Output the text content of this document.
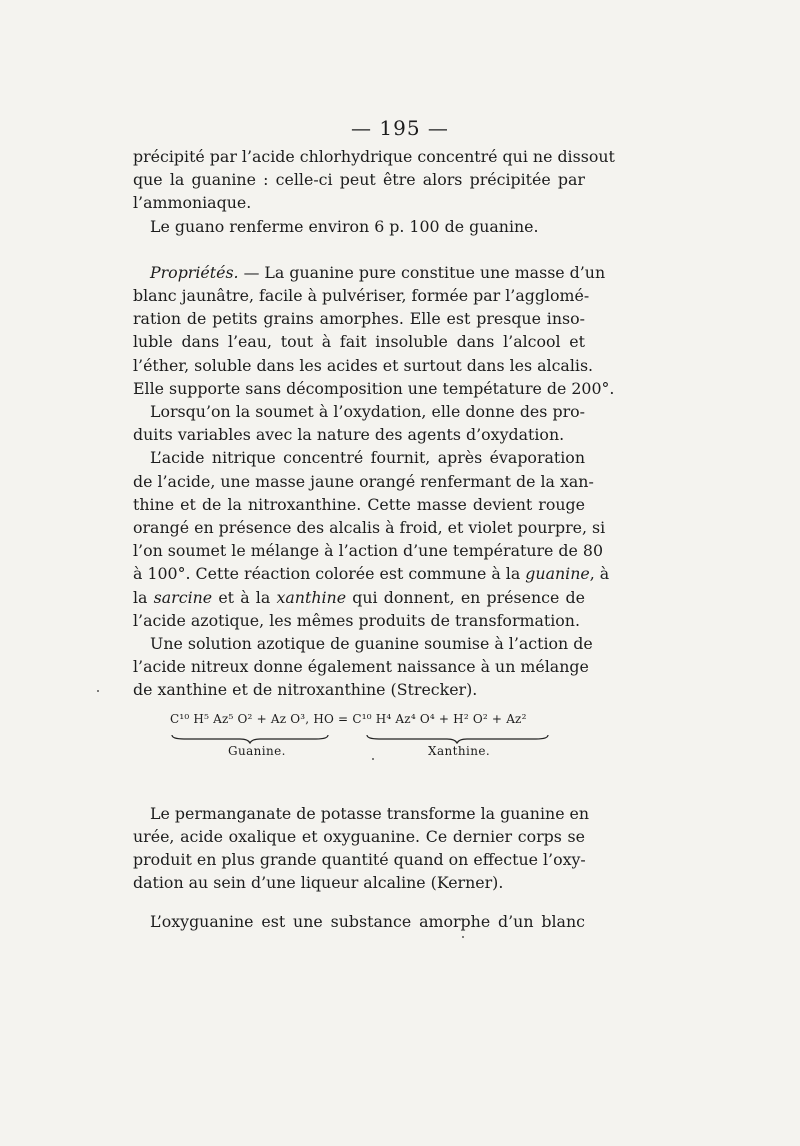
— 195 —

précipité par l’acide chlorhydrique concentré qui ne dissout
que la guanine : celle-ci peut être alors précipitée par
l’ammoniaque.

Le guano renferme environ 6 p. 100 de guanine.

Propriétés. — La guanine pure constitue une masse d’un
blanc jaunâtre, facile à pulvériser, formée par l’agglomé-
ration de petits grains amorphes. Elle est presque inso-
luble dans l’eau, tout à fait insoluble dans l’alcool et
l’éther, soluble dans les acides et surtout dans les alcalis.
Elle supporte sans décomposition une tempétature de 200°.

Lorsqu’on la soumet à l’oxydation, elle donne des pro-
duits variables avec la nature des agents d’oxydation.

L’acide nitrique concentré fournit, après évaporation
de l’acide, une masse jaune orangé renfermant de la xan-
thine et de la nitroxanthine. Cette masse devient rouge
orangé en présence des alcalis à froid, et violet pourpre, si
l’on soumet le mélange à l’action d’une température de 80
à 100°. Cette réaction colorée est commune à la guanine, à
la sarcine et à la xanthine qui donnent, en présence de
l’acide azotique, les mêmes produits de transformation.

Une solution azotique de guanine soumise à l’action de
l’acide nitreux donne également naissance à un mélange
de xanthine et de nitroxanthine (Strecker).

C¹⁰ H⁵ Az⁵ O² + Az O³, HO = C¹⁰ H⁴ Az⁴ O⁴ + H² O² + Az²
Guanine.	Xanthine.

Le permanganate de potasse transforme la guanine en
urée, acide oxalique et oxyguanine. Ce dernier corps se
produit en plus grande quantité quand on effectue l’oxy-
dation au sein d’une liqueur alcaline (Kerner).

L’oxyguanine est une substance amorphe d’un blanc
